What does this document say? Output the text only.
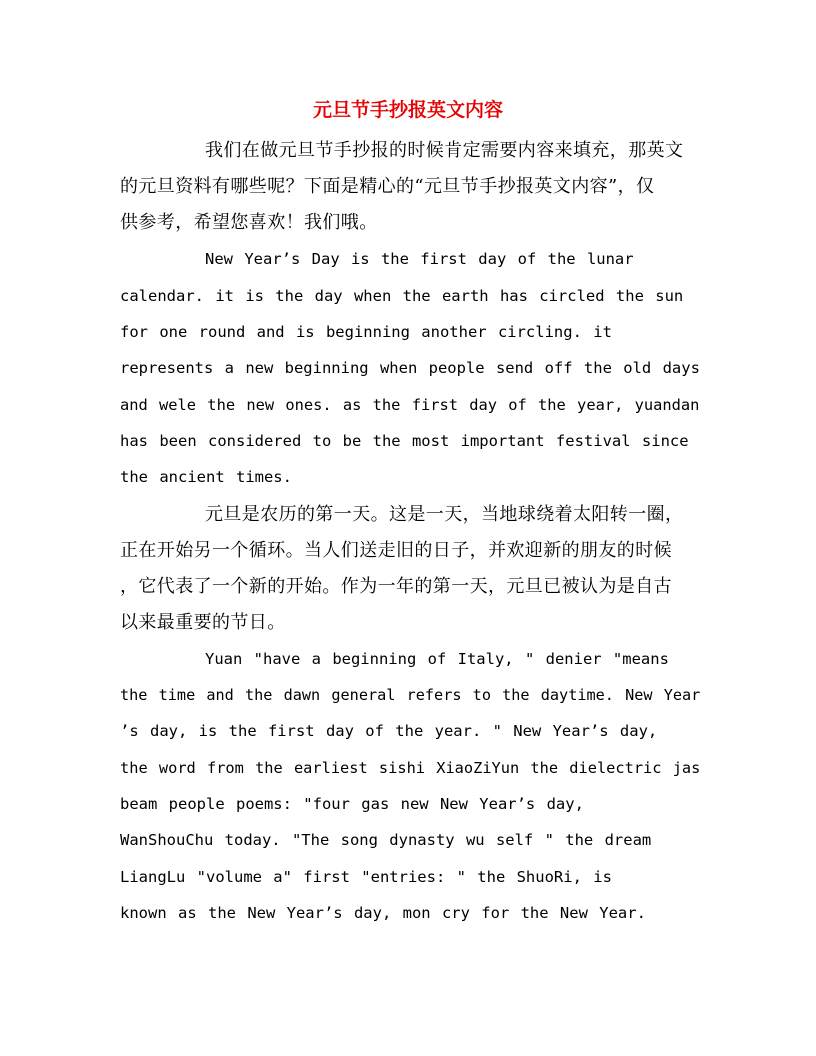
元旦节手抄报英文内容

我们在做元旦节手抄报的时候肯定需要内容来填充，那英文

的元旦资料有哪些呢？下面是精心的“元旦节手抄报英文内容”，仅

供参考，希望您喜欢！我们哦。

New Year’s Day is the first day of the lunar

calendar. it is the day when the earth has circled the sun

for one round and is beginning another circling. it

represents a new beginning when people send off the old days

and wele the new ones. as the first day of the year, yuandan

has been considered to be the most important festival since

the ancient times.

元旦是农历的第一天。这是一天，当地球绕着太阳转一圈，

正在开始另一个循环。当人们送走旧的日子，并欢迎新的朋友的时候

，它代表了一个新的开始。作为一年的第一天，元旦已被认为是自古

以来最重要的节日。

Yuan "have a beginning of Italy, " denier "means

the time and the dawn general refers to the daytime. New Year

’s day, is the first day of the year. " New Year’s day,

the word from the earliest sishi XiaoZiYun the dielectric jas

beam people poems: "four gas new New Year’s day,

WanShouChu today. "The song dynasty wu self " the dream

LiangLu "volume a" first "entries: " the ShuoRi, is

known as the New Year’s day, mon cry for the New Year.
